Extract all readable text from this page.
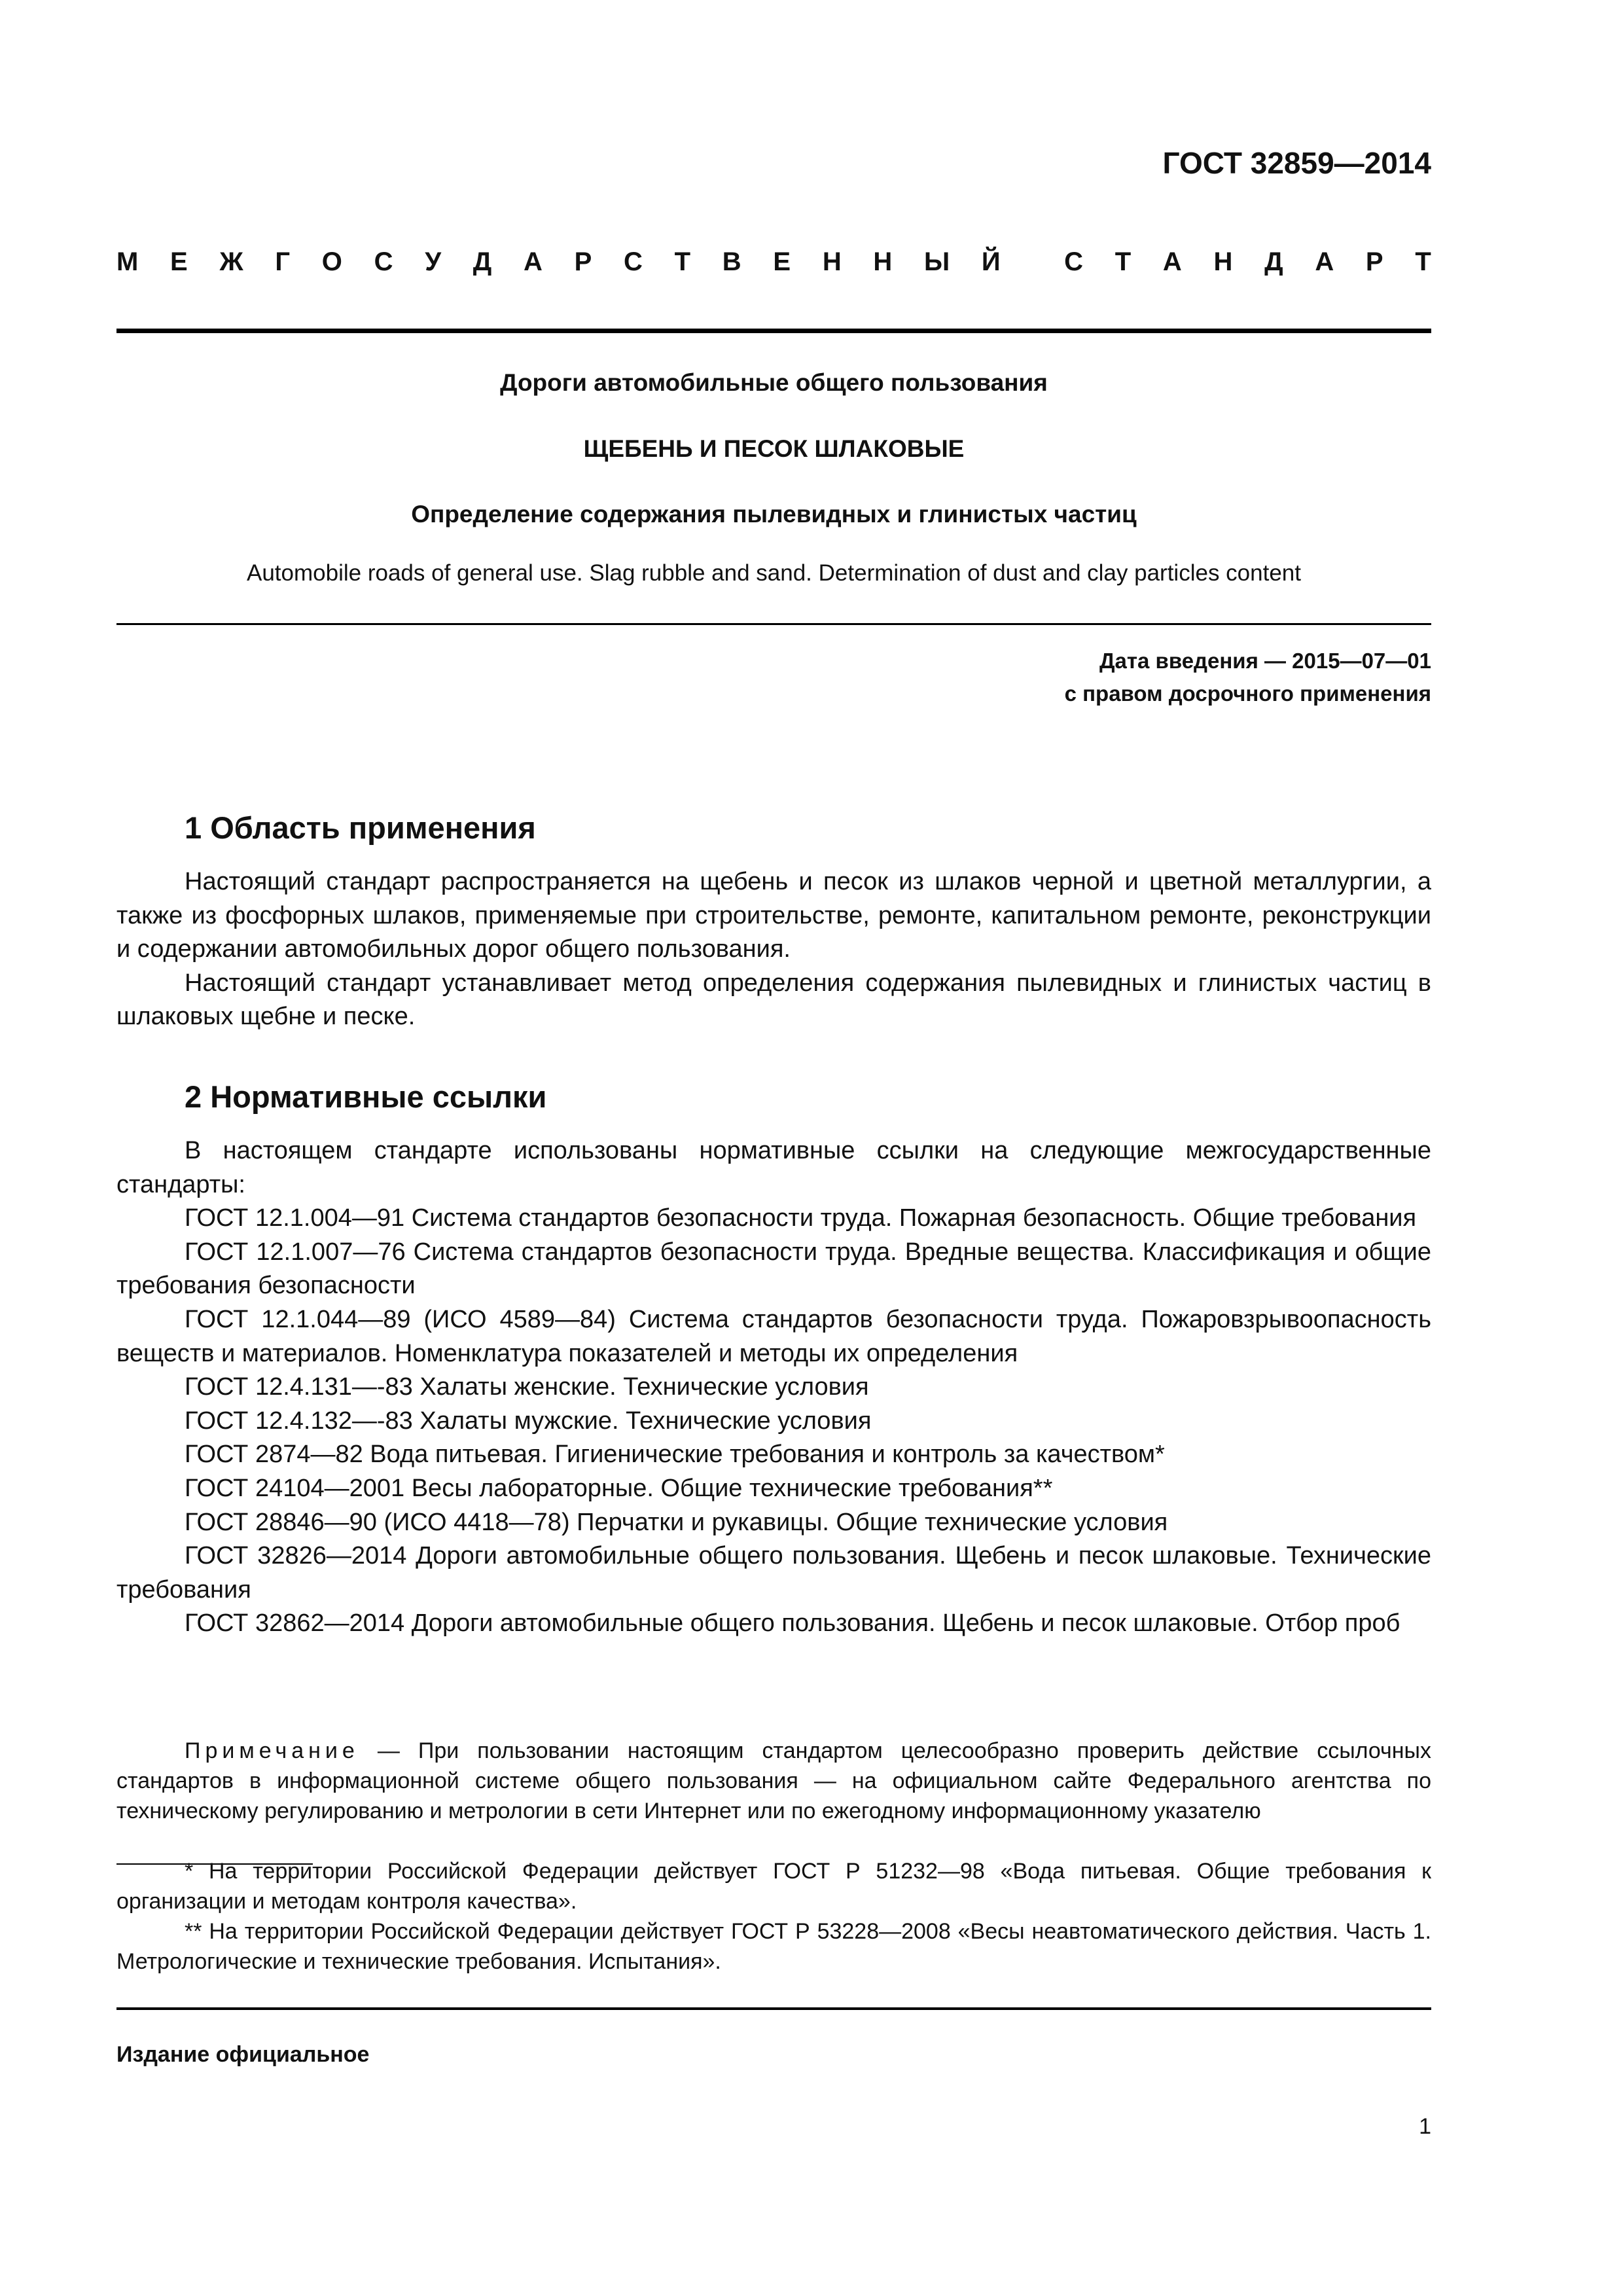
ГОСТ 32859—2014
М Е Ж Г О С У Д А Р С Т В Е Н Н Ы Й С Т А Н Д А Р Т
Дороги автомобильные общего пользования
ЩЕБЕНЬ И ПЕСОК ШЛАКОВЫЕ
Определение содержания пылевидных и глинистых частиц
Automobile roads of general use. Slag rubble and sand. Determination of dust and clay particles content
Дата введения — 2015—07—01
с правом досрочного применения
1 Область применения

Настоящий стандарт распространяется на щебень и песок из шлаков черной и цветной металлургии, а также из фосфорных шлаков, применяемые при строительстве, ремонте, капитальном ремонте, реконструкции и содержании автомобильных дорог общего пользования.

Настоящий стандарт устанавливает метод определения содержания пылевидных и глинистых частиц в шлаковых щебне и песке.

2 Нормативные ссылки

В настоящем стандарте использованы нормативные ссылки на следующие межгосударственные стандарты:

ГОСТ 12.1.004—91 Система стандартов безопасности труда. Пожарная безопасность. Общие требования

ГОСТ 12.1.007—76 Система стандартов безопасности труда. Вредные вещества. Классификация и общие требования безопасности

ГОСТ 12.1.044—89 (ИСО 4589—84) Система стандартов безопасности труда. Пожаровзрывоопасность веществ и материалов. Номенклатура показателей и методы их определения

ГОСТ 12.4.131—-83 Халаты женские. Технические условия

ГОСТ 12.4.132—-83 Халаты мужские. Технические условия

ГОСТ 2874—82 Вода питьевая. Гигиенические требования и контроль за качеством*

ГОСТ 24104—2001 Весы лабораторные. Общие технические требования**

ГОСТ 28846—90 (ИСО 4418—78) Перчатки и рукавицы. Общие технические условия

ГОСТ 32826—2014 Дороги автомобильные общего пользования. Щебень и песок шлаковые. Технические требования

ГОСТ 32862—2014 Дороги автомобильные общего пользования. Щебень и песок шлаковые. Отбор проб

Примечание — При пользовании настоящим стандартом целесообразно проверить действие ссылочных стандартов в информационной системе общего пользования — на официальном сайте Федерального агентства по техническому регулированию и метрологии в сети Интернет или по ежегодному информационному указателю

* На территории Российской Федерации действует ГОСТ Р 51232—98 «Вода питьевая. Общие требования к организации и методам контроля качества».

** На территории Российской Федерации действует ГОСТ Р 53228—2008 «Весы неавтоматического действия. Часть 1. Метрологические и технические требования. Испытания».

Издание официальное
1
